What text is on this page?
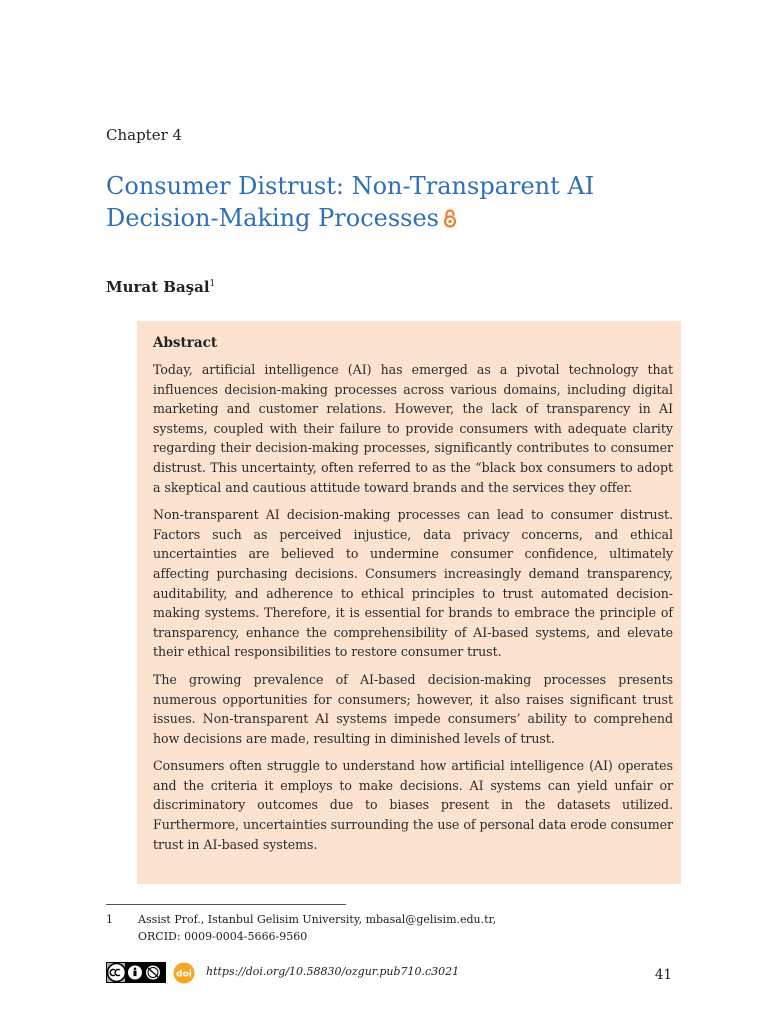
Chapter 4
Consumer Distrust: Non-Transparent AI
Decision-Making Processes
Murat Başal$^1$
Abstract

Today, artificial intelligence (AI) has emerged as a pivotal technology that influences decision-making processes across various domains, including digital marketing and customer relations. However, the lack of transparency in AI systems, coupled with their failure to provide consumers with adequate clarity regarding their decision-making processes, significantly contributes to consumer distrust. This uncertainty, often referred to as the “black box consumers to adopt a skeptical and cautious attitude toward brands and the services they offer.

Non-transparent AI decision-making processes can lead to consumer distrust. Factors such as perceived injustice, data privacy concerns, and ethical uncertainties are believed to undermine consumer confidence, ultimately affecting purchasing decisions. Consumers increasingly demand transparency, auditability, and adherence to ethical principles to trust automated decision-making systems. Therefore, it is essential for brands to embrace the principle of transparency, enhance the comprehensibility of AI-based systems, and elevate their ethical responsibilities to restore consumer trust.

The growing prevalence of AI-based decision-making processes presents numerous opportunities for consumers; however, it also raises significant trust issues. Non-transparent AI systems impede consumers’ ability to comprehend how decisions are made, resulting in diminished levels of trust.

Consumers often struggle to understand how artificial intelligence (AI) operates and the criteria it employs to make decisions. AI systems can yield unfair or discriminatory outcomes due to biases present in the datasets utilized. Furthermore, uncertainties surrounding the use of personal data erode consumer trust in AI-based systems.

1 Assist Prof., Istanbul Gelisim University, mbasal@gelisim.edu.tr,
ORCID: 0009-0004-5666-9560
doi https://doi.org/10.58830/ozgur.pub710.c3021	41
